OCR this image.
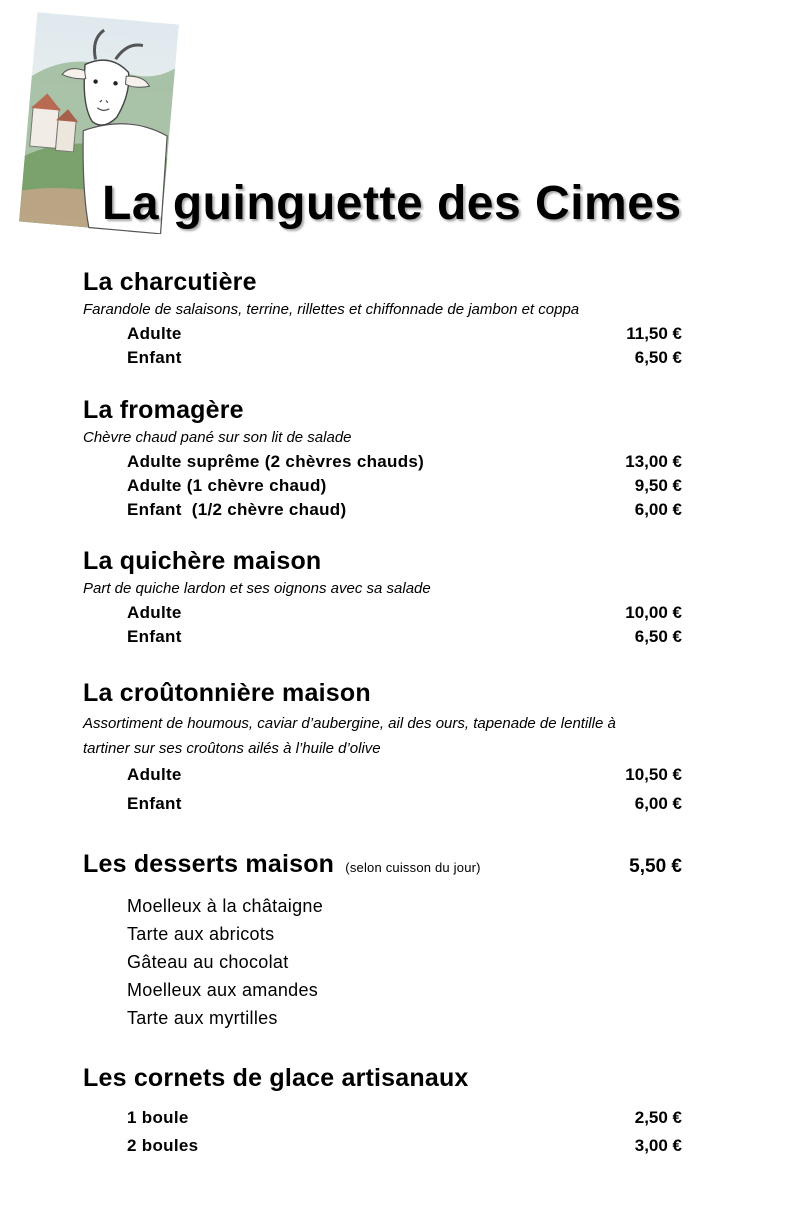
La guinguette des Cimes
La charcutière
Farandole de salaisons, terrine, rillettes et chiffonnade de jambon et coppa
Adulte	11,50 €
Enfant	6,50 €
La fromagère
Chèvre chaud pané sur son lit de salade
Adulte suprême (2 chèvres chauds)	13,00 €
Adulte (1 chèvre chaud)	9,50 €
Enfant  (1/2 chèvre chaud)	6,00 €
La quichère maison
Part de quiche lardon et ses oignons avec sa salade
Adulte	10,00 €
Enfant	6,50 €
La croûtonnière maison
Assortiment de houmous, caviar d’aubergine, ail des ours, tapenade de lentille à
tartiner sur ses croûtons ailés à l’huile d’olive
Adulte	10,50 €
Enfant	6,00 €
Les desserts maison (selon cuisson du jour)	5,50 €
Moelleux à la châtaigne
Tarte aux abricots
Gâteau au chocolat
Moelleux aux amandes
Tarte aux myrtilles
Les cornets de glace artisanaux
1 boule	2,50 €
2 boules	3,00 €
